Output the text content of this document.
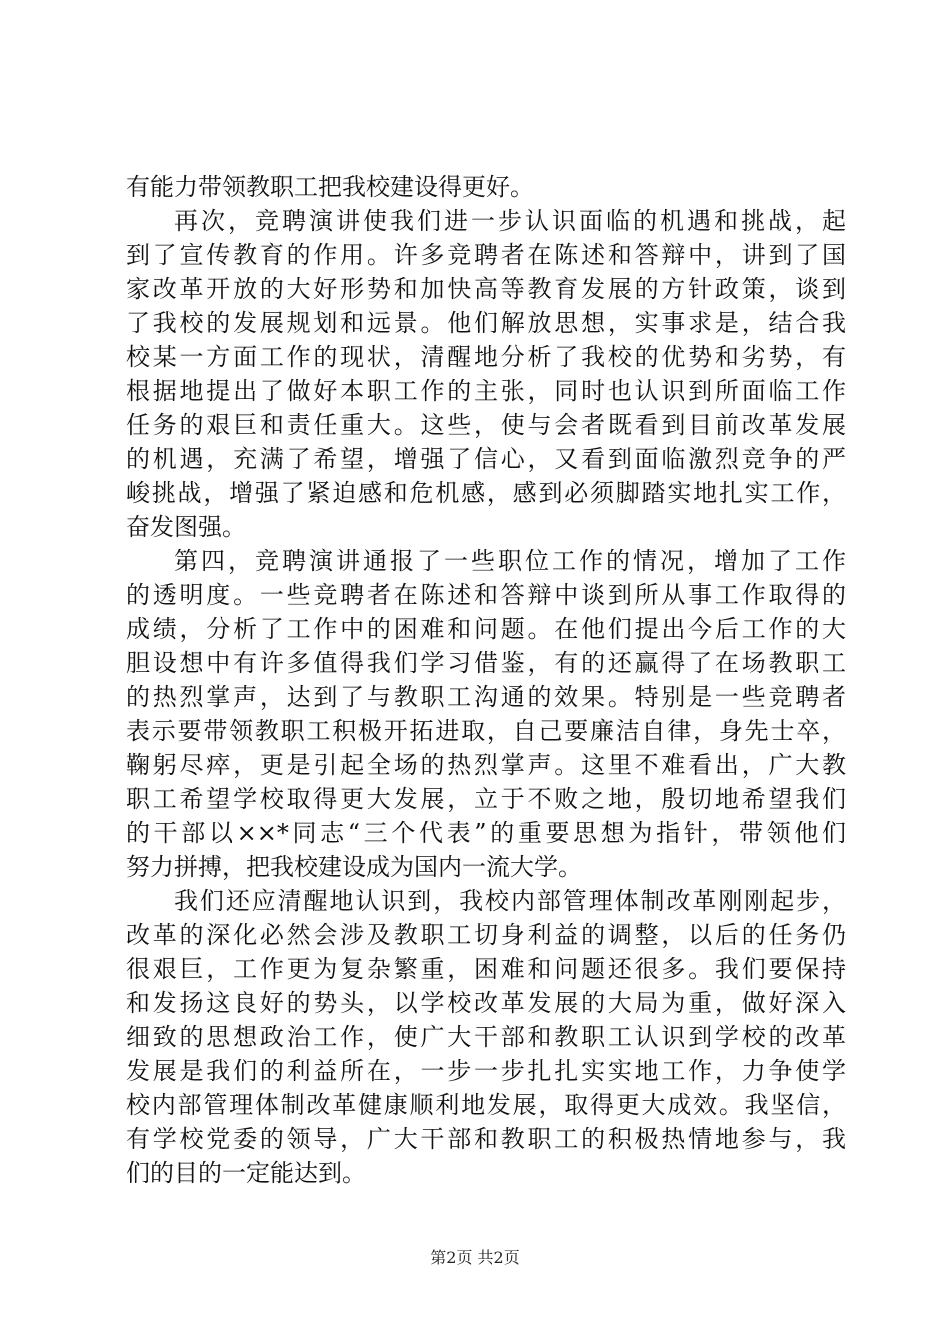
有能力带领教职工把我校建设得更好。
再次，竞聘演讲使我们进一步认识面临的机遇和挑战，起
到了宣传教育的作用。许多竞聘者在陈述和答辩中，讲到了国
家改革开放的大好形势和加快高等教育发展的方针政策，谈到
了我校的发展规划和远景。他们解放思想，实事求是，结合我
校某一方面工作的现状，清醒地分析了我校的优势和劣势，有
根据地提出了做好本职工作的主张，同时也认识到所面临工作
任务的艰巨和责任重大。这些，使与会者既看到目前改革发展
的机遇，充满了希望，增强了信心，又看到面临激烈竞争的严
峻挑战，增强了紧迫感和危机感，感到必须脚踏实地扎实工作，
奋发图强。
第四，竞聘演讲通报了一些职位工作的情况，增加了工作
的透明度。一些竞聘者在陈述和答辩中谈到所从事工作取得的
成绩，分析了工作中的困难和问题。在他们提出今后工作的大
胆设想中有许多值得我们学习借鉴，有的还赢得了在场教职工
的热烈掌声，达到了与教职工沟通的效果。特别是一些竞聘者
表示要带领教职工积极开拓进取，自己要廉洁自律，身先士卒，
鞠躬尽瘁，更是引起全场的热烈掌声。这里不难看出，广大教
职工希望学校取得更大发展，立于不败之地，殷切地希望我们
的干部以××*同志“三个代表”的重要思想为指针，带领他们
努力拼搏，把我校建设成为国内一流大学。
我们还应清醒地认识到，我校内部管理体制改革刚刚起步，
改革的深化必然会涉及教职工切身利益的调整，以后的任务仍
很艰巨，工作更为复杂繁重，困难和问题还很多。我们要保持
和发扬这良好的势头，以学校改革发展的大局为重，做好深入
细致的思想政治工作，使广大干部和教职工认识到学校的改革
发展是我们的利益所在，一步一步扎扎实实地工作，力争使学
校内部管理体制改革健康顺利地发展，取得更大成效。我坚信，
有学校党委的领导，广大干部和教职工的积极热情地参与，我
们的目的一定能达到。
第2页 共2页
